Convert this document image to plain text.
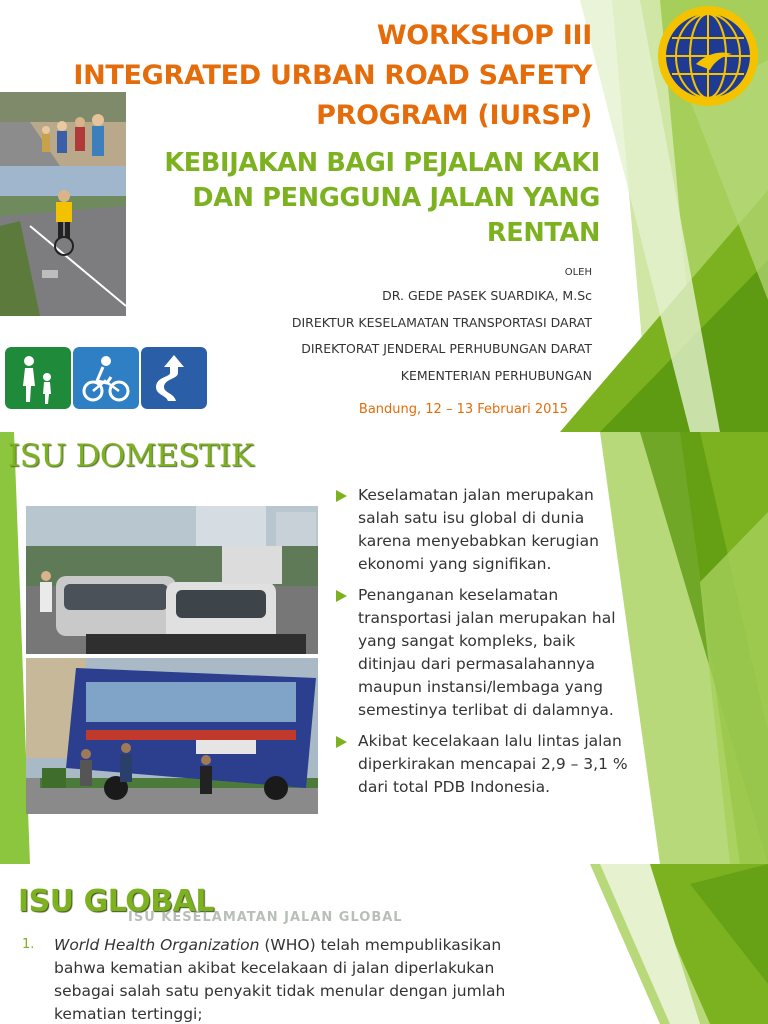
WORKSHOP III
INTEGRATED URBAN ROAD SAFETY
PROGRAM (IURSP)
KEBIJAKAN BAGI PEJALAN KAKI
DAN PENGGUNA JALAN YANG
RENTAN
OLEH
DR. GEDE PASEK SUARDIKA, M.Sc
DIREKTUR KESELAMATAN TRANSPORTASI DARAT
DIREKTORAT JENDERAL PERHUBUNGAN DARAT
KEMENTERIAN PERHUBUNGAN
Bandung, 12 – 13 Februari 2015
ISU DOMESTIK
Keselamatan jalan merupakan salah satu isu global di dunia karena menyebabkan kerugian ekonomi yang signifikan.
Penanganan keselamatan transportasi jalan merupakan hal yang sangat kompleks, baik ditinjau dari permasalahannya maupun instansi/lembaga yang semestinya terlibat di dalamnya.
Akibat kecelakaan lalu lintas jalan diperkirakan mencapai 2,9 – 3,1 % dari total PDB Indonesia.
ISU GLOBAL
ISU KESELAMATAN JALAN GLOBAL
1. World Health Organization (WHO) telah mempublikasikan bahwa kematian akibat kecelakaan di jalan diperlakukan sebagai salah satu penyakit tidak menular dengan jumlah kematian tertinggi;
